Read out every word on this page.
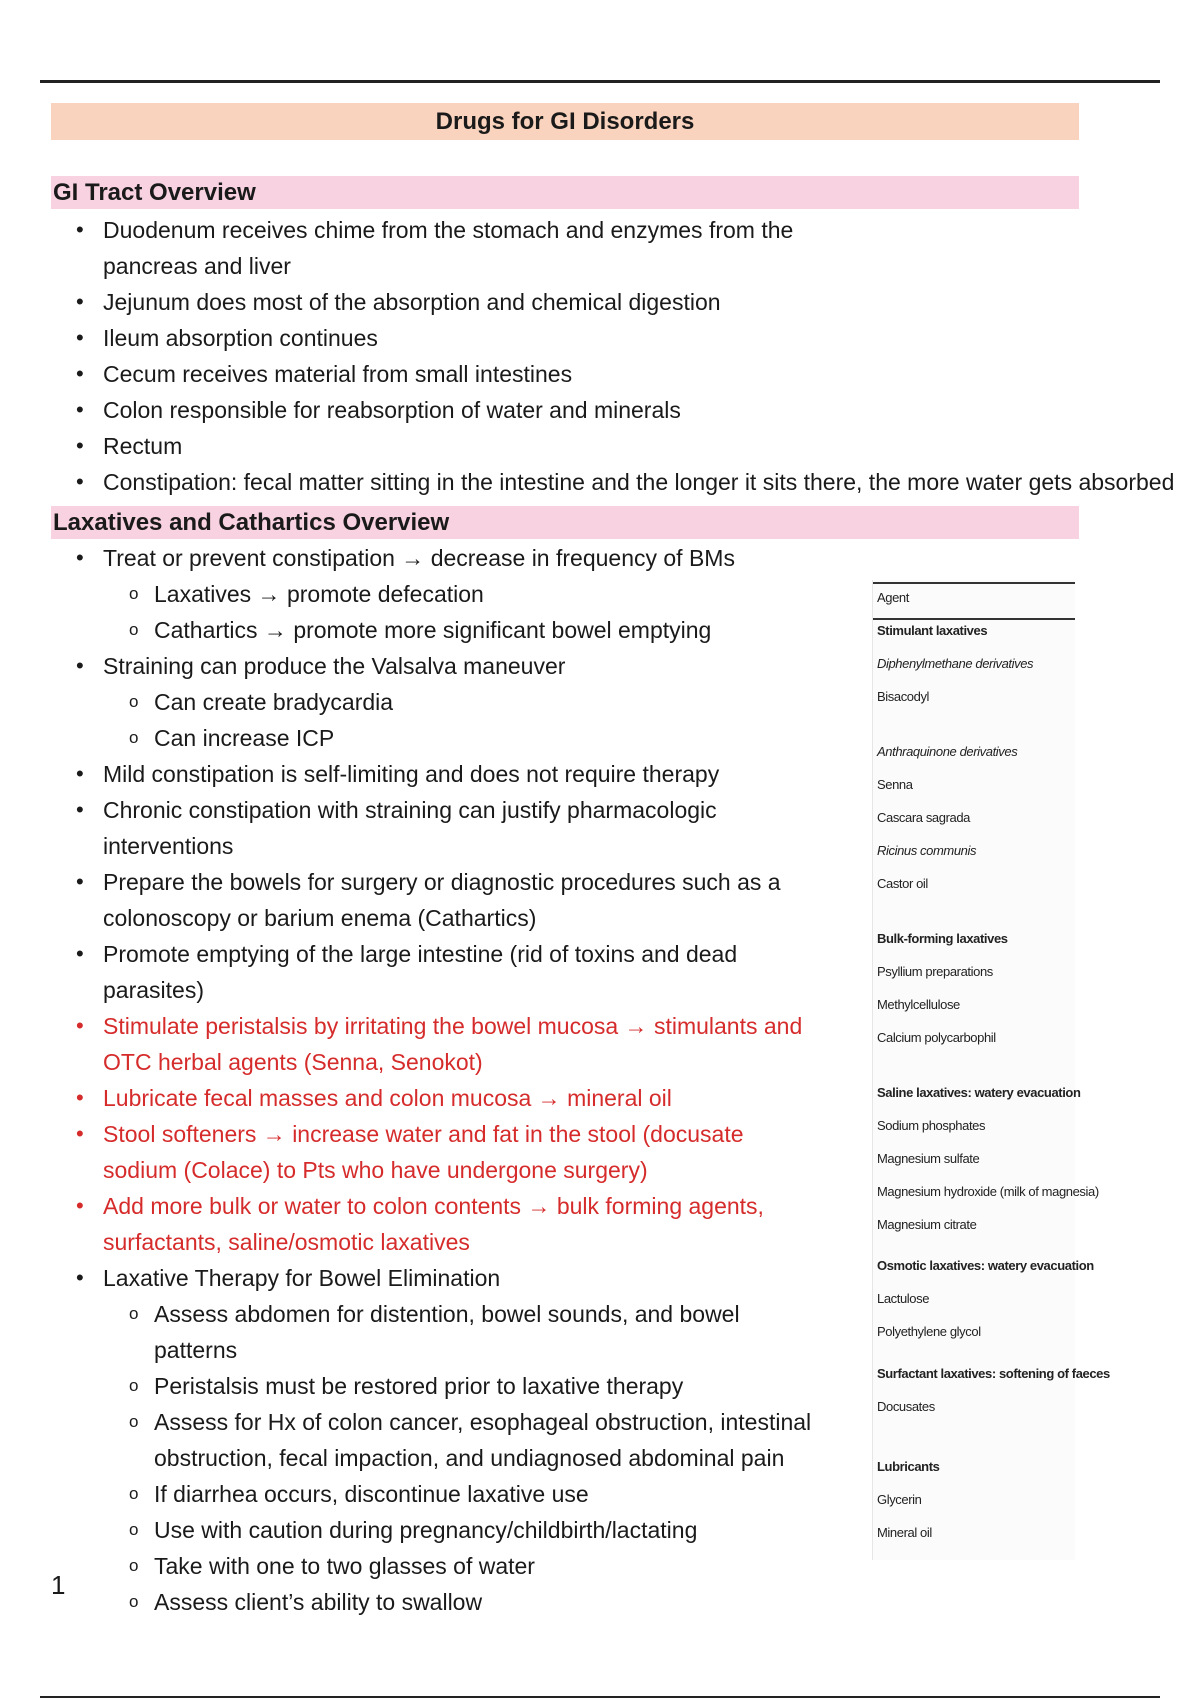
Drugs for GI Disorders
GI Tract Overview
• Duodenum receives chime from the stomach and enzymes from the pancreas and liver
• Jejunum does most of the absorption and chemical digestion
• Ileum absorption continues
• Cecum receives material from small intestines
• Colon responsible for reabsorption of water and minerals
• Rectum
• Constipation: fecal matter sitting in the intestine and the longer it sits there, the more water gets absorbed
Laxatives and Cathartics Overview
• Treat or prevent constipation → decrease in frequency of BMs
o Laxatives → promote defecation
o Cathartics → promote more significant bowel emptying
• Straining can produce the Valsalva maneuver
o Can create bradycardia
o Can increase ICP
• Mild constipation is self-limiting and does not require therapy
• Chronic constipation with straining can justify pharmacologic interventions
• Prepare the bowels for surgery or diagnostic procedures such as a colonoscopy or barium enema (Cathartics)
• Promote emptying of the large intestine (rid of toxins and dead parasites)
• Stimulate peristalsis by irritating the bowel mucosa → stimulants and OTC herbal agents (Senna, Senokot)
• Lubricate fecal masses and colon mucosa → mineral oil
• Stool softeners → increase water and fat in the stool (docusate sodium (Colace) to Pts who have undergone surgery)
• Add more bulk or water to colon contents → bulk forming agents, surfactants, saline/osmotic laxatives
• Laxative Therapy for Bowel Elimination
o Assess abdomen for distention, bowel sounds, and bowel patterns
o Peristalsis must be restored prior to laxative therapy
o Assess for Hx of colon cancer, esophageal obstruction, intestinal obstruction, fecal impaction, and undiagnosed abdominal pain
o If diarrhea occurs, discontinue laxative use
o Use with caution during pregnancy/childbirth/lactating
o Take with one to two glasses of water
o Assess client’s ability to swallow
Agent
Stimulant laxatives
Diphenylmethane derivatives
Bisacodyl
Anthraquinone derivatives
Senna
Cascara sagrada
Ricinus communis
Castor oil
Bulk-forming laxatives
Psyllium preparations
Methylcellulose
Calcium polycarbophil
Saline laxatives: watery evacuation
Sodium phosphates
Magnesium sulfate
Magnesium hydroxide (milk of magnesia)
Magnesium citrate
Osmotic laxatives: watery evacuation
Lactulose
Polyethylene glycol
Surfactant laxatives: softening of faeces
Docusates
Lubricants
Glycerin
Mineral oil
1
